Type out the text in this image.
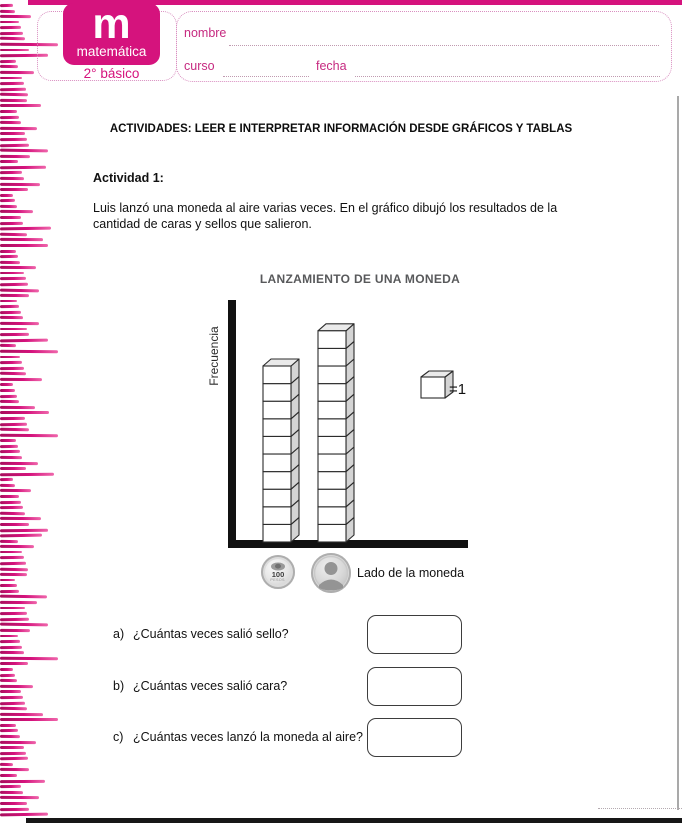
m
matemática
2° básico
nombre
curso	fecha
ACTIVIDADES: LEER E INTERPRETAR INFORMACIÓN DESDE GRÁFICOS Y TABLAS
Actividad 1:
Luis lanzó una moneda al aire varias veces. En el gráfico dibujó los resultados de la
cantidad de caras y sellos que salieron.
LANZAMIENTO DE UNA MONEDA
Frecuencia
=1
100
PESOS	Lado de la moneda
a) ¿Cuántas veces salió sello?
b) ¿Cuántas veces salió cara?
c) ¿Cuántas veces lanzó la moneda al aire?
